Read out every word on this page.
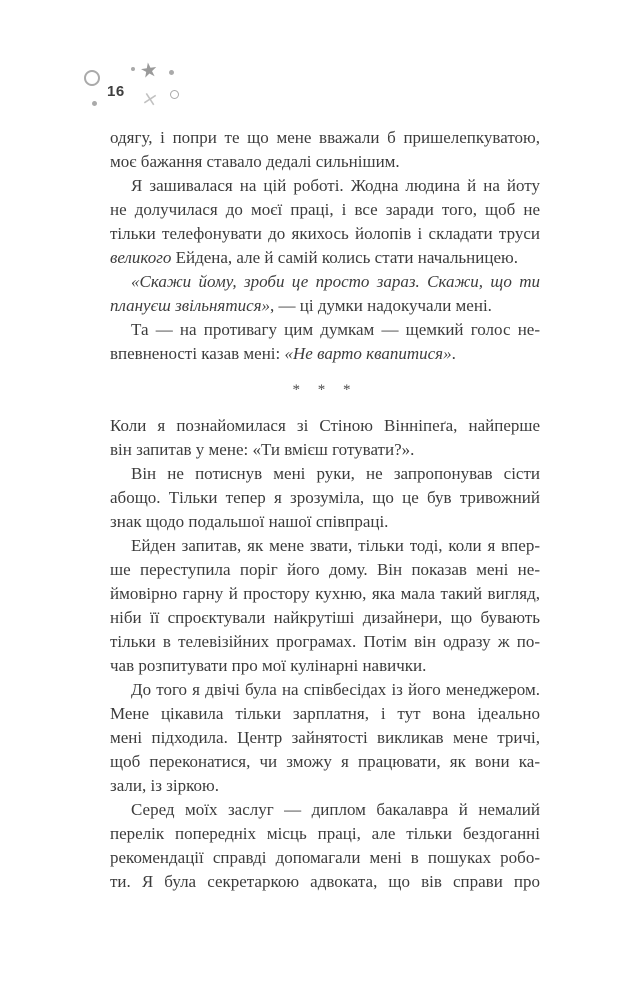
★
×
16
одягу, і попри те що мене вважали б пришелепкуватою,
моє бажання ставало дедалі сильнішим.
Я зашивалася на цій роботі. Жодна людина й на йоту
не долучилася до моєї праці, і все заради того, щоб не
тільки телефонувати до якихось йолопів і складати труси
великого Ейдена, але й самій колись стати начальницею.
«Скажи йому, зроби це просто зараз. Скажи, що ти
плануєш звільнятися», — ці думки надокучали мені.
Та — на противагу цим думкам — щемкий голос не-
впевненості казав мені: «Не варто квапитися».
* * *
Коли я познайомилася зі Стіною Вінніпеґа, найперше
він запитав у мене: «Ти вмієш готувати?».
Він не потиснув мені руки, не запропонував сісти
абощо. Тільки тепер я зрозуміла, що це був тривожний
знак щодо подальшої нашої співпраці.
Ейден запитав, як мене звати, тільки тоді, коли я впер-
ше переступила поріг його дому. Він показав мені не-
ймовірно гарну й простору кухню, яка мала такий вигляд,
ніби її спроєктували найкрутіші дизайнери, що бувають
тільки в телевізійних програмах. Потім він одразу ж по-
чав розпитувати про мої кулінарні навички.
До того я двічі була на співбесідах із його менеджером.
Мене цікавила тільки зарплатня, і тут вона ідеально
мені підходила. Центр зайнятості викликав мене тричі,
щоб переконатися, чи зможу я працювати, як вони ка-
зали, із зіркою.
Серед моїх заслуг — диплом бакалавра й немалий
перелік попередніх місць праці, але тільки бездоганні
рекомендації справді допомагали мені в пошуках робо-
ти. Я була секретаркою адвоката, що вів справи про
